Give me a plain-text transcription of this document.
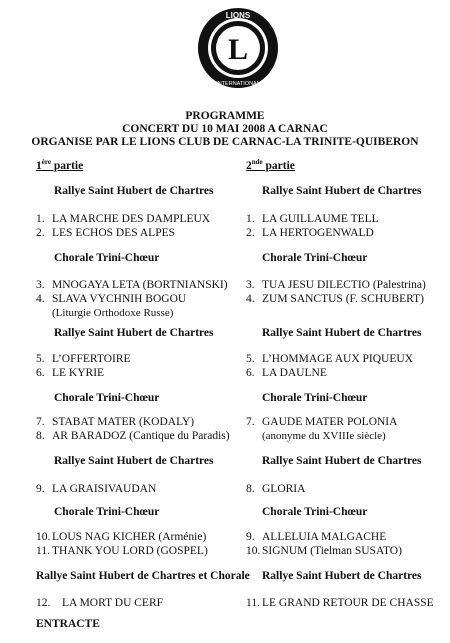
L
LIONS
INTERNATIONAL
PROGRAMME
CONCERT DU 10 MAI 2008 A CARNAC
ORGANISE PAR LE LIONS CLUB DE CARNAC-LA TRINITE-QUIBERON
1ère partie
Rallye Saint Hubert de Chartres
1. LA MARCHE DES DAMPLEUX
2. LES ECHOS DES ALPES
Chorale Trini-Chœur
3. MNOGAYA LETA (BORTNIANSKI)
4. SLAVA VYCHNIH BOGOU
(Liturgie Orthodoxe Russe)
Rallye Saint Hubert de Chartres
5. L’OFFERTOIRE
6. LE KYRIE
Chorale Trini-Chœur
7. STABAT MATER (KODALY)
8. AR BARADOZ (Cantique du Paradis)
Rallye Saint Hubert de Chartres
9. LA GRAISIVAUDAN
Chorale Trini-Chœur
10. LOUS NAG KICHER (Arménie)
11. THANK YOU LORD (GOSPEL)
Rallye Saint Hubert de Chartres et Chorale
12.	LA MORT DU CERF
2nde partie
Rallye Saint Hubert de Chartres
1. LA GUILLAUME TELL
2. LA HERTOGENWALD
Chorale Trini-Chœur
3. TUA JESU DILECTIO (Palestrina)
4. ZUM SANCTUS (F. SCHUBERT)
Rallye Saint Hubert de Chartres
5. L’HOMMAGE AUX PIQUEUX
6. LA DAULNE
Chorale Trini-Chœur
7. GAUDE MATER POLONIA
(anonyme du XVIIIe siècle)
Rallye Saint Hubert de Chartres
8. GLORIA
Chorale Trini-Chœur
9. ALLELUIA MALGACHE
10. SIGNUM (Tielman SUSATO)
Rallye Saint Hubert de Chartres
11. LE GRAND RETOUR DE CHASSE
ENTRACTE
